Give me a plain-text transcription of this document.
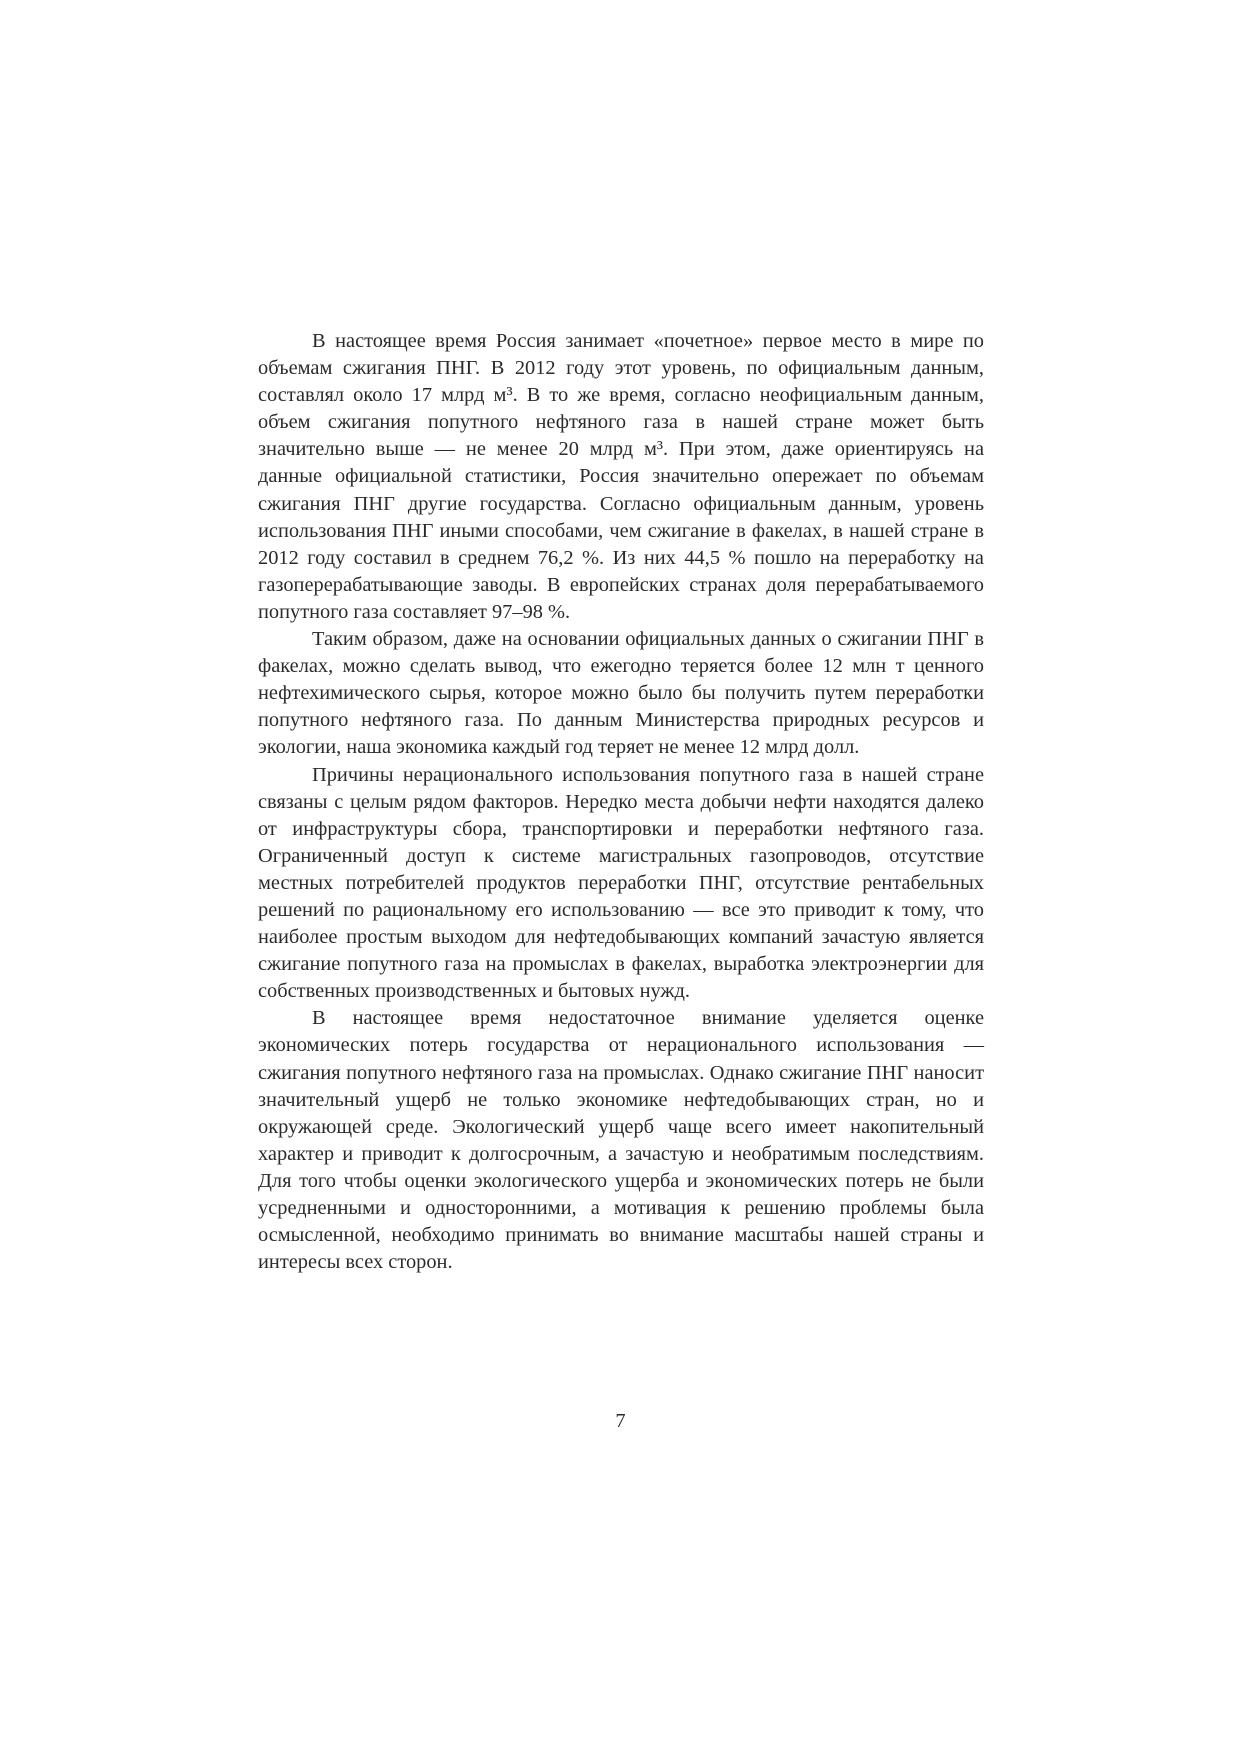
В настоящее время Россия занимает «почетное» первое место в мире по объемам сжигания ПНГ. В 2012 году этот уровень, по официальным данным, составлял около 17 млрд м³. В то же время, согласно неофициальным данным, объем сжигания попутного нефтяного газа в нашей стране может быть значительно выше — не менее 20 млрд м³. При этом, даже ориентируясь на данные официальной статистики, Россия значительно опережает по объемам сжигания ПНГ другие государства. Согласно официальным данным, уровень использования ПНГ иными способами, чем сжигание в факелах, в нашей стране в 2012 году составил в среднем 76,2 %. Из них 44,5 % пошло на переработку на газоперерабатывающие заводы. В европейских странах доля перерабатываемого попутного газа составляет 97–98 %.

Таким образом, даже на основании официальных данных о сжигании ПНГ в факелах, можно сделать вывод, что ежегодно теряется более 12 млн т ценного нефтехимического сырья, которое можно было бы получить путем переработки попутного нефтяного газа. По данным Министерства природных ресурсов и экологии, наша экономика каждый год теряет не менее 12 млрд долл.

Причины нерационального использования попутного газа в нашей стране связаны с целым рядом факторов. Нередко места добычи нефти находятся далеко от инфраструктуры сбора, транспортировки и переработки нефтяного газа. Ограниченный доступ к системе магистральных газопроводов, отсутствие местных потребителей продуктов переработки ПНГ, отсутствие рентабельных решений по рациональному его использованию — все это приводит к тому, что наиболее простым выходом для нефтедобывающих компаний зачастую является сжигание попутного газа на промыслах в факелах, выработка электроэнергии для собственных производственных и бытовых нужд.

В настоящее время недостаточное внимание уделяется оценке экономических потерь государства от нерационального использования — сжигания попутного нефтяного газа на промыслах. Однако сжигание ПНГ наносит значительный ущерб не только экономике нефтедобывающих стран, но и окружающей среде. Экологический ущерб чаще всего имеет накопительный характер и приводит к долгосрочным, а зачастую и необратимым последствиям. Для того чтобы оценки экологического ущерба и экономических потерь не были усредненными и односторонними, а мотивация к решению проблемы была осмысленной, необходимо принимать во внимание масштабы нашей страны и интересы всех сторон.

7
